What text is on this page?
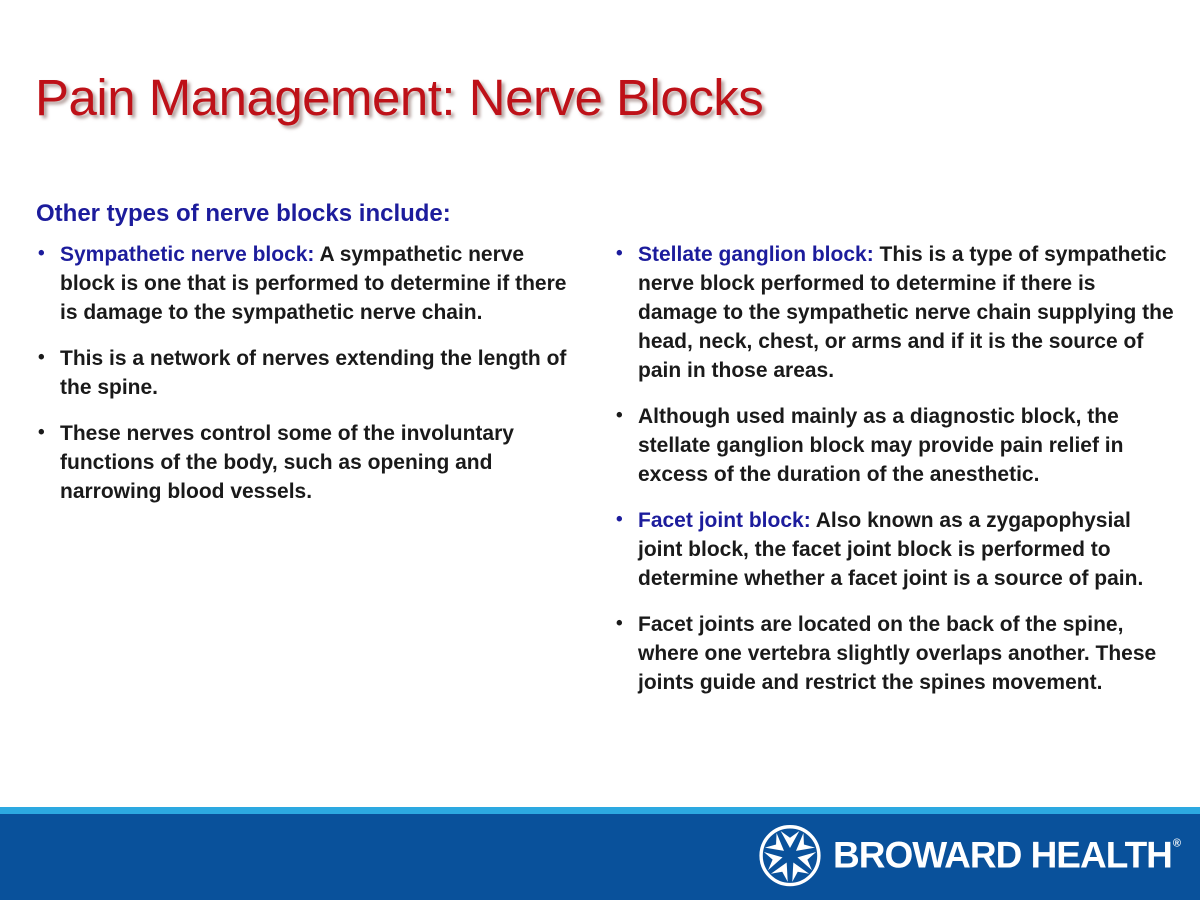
Pain Management: Nerve Blocks
Other types of nerve blocks include:
• Sympathetic nerve block: A sympathetic nerve block is one that is performed to determine if there is damage to the sympathetic nerve chain.
• This is a network of nerves extending the length of the spine.
• These nerves control some of the involuntary functions of the body, such as opening and narrowing blood vessels.
• Stellate ganglion block: This is a type of sympathetic nerve block performed to determine if there is damage to the sympathetic nerve chain supplying the head, neck, chest, or arms and if it is the source of pain in those areas.
• Although used mainly as a diagnostic block, the stellate ganglion block may provide pain relief in excess of the duration of the anesthetic.
• Facet joint block: Also known as a zygapophysial joint block, the facet joint block is performed to determine whether a facet joint is a source of pain.
• Facet joints are located on the back of the spine, where one vertebra slightly overlaps another. These joints guide and restrict the spines movement.
BROWARD HEALTH®
